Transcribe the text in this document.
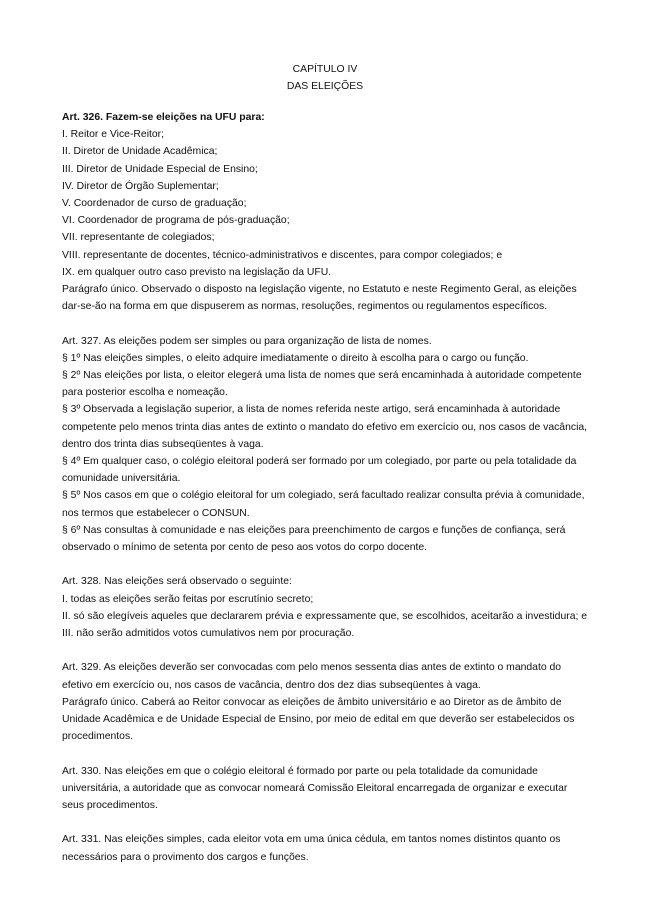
CAPÍTULO IV
DAS ELEIÇÕES

Art. 326. Fazem-se eleições na UFU para:

I. Reitor e Vice-Reitor;

II. Diretor de Unidade Acadêmica;

III. Diretor de Unidade Especial de Ensino;

IV. Diretor de Órgão Suplementar;

V. Coordenador de curso de graduação;

VI. Coordenador de programa de pós-graduação;

VII. representante de colegiados;

VIII. representante de docentes, técnico-administrativos e discentes, para compor colegiados; e

IX. em qualquer outro caso previsto na legislação da UFU.

Parágrafo único. Observado o disposto na legislação vigente, no Estatuto e neste Regimento Geral, as eleições dar-se-ão na forma em que dispuserem as normas, resoluções, regimentos ou regulamentos específicos.

Art. 327. As eleições podem ser simples ou para organização de lista de nomes.

§ 1º Nas eleições simples, o eleito adquire imediatamente o direito à escolha para o cargo ou função.

§ 2º Nas eleições por lista, o eleitor elegerá uma lista de nomes que será encaminhada à autoridade competente para posterior escolha e nomeação.

§ 3º Observada a legislação superior, a lista de nomes referida neste artigo, será encaminhada à autoridade competente pelo menos trinta dias antes de extinto o mandato do efetivo em exercício ou, nos casos de vacância, dentro dos trinta dias subseqüentes à vaga.

§ 4º Em qualquer caso, o colégio eleitoral poderá ser formado por um colegiado, por parte ou pela totalidade da comunidade universitária.

§ 5º Nos casos em que o colégio eleitoral for um colegiado, será facultado realizar consulta prévia à comunidade, nos termos que estabelecer o CONSUN.

§ 6º Nas consultas à comunidade e nas eleições para preenchimento de cargos e funções de confiança, será observado o mínimo de setenta por cento de peso aos votos do corpo docente.

Art. 328. Nas eleições será observado o seguinte:

I. todas as eleições serão feitas por escrutínio secreto;

II. só são elegíveis aqueles que declararem prévia e expressamente que, se escolhidos, aceitarão a investidura; e

III. não serão admitidos votos cumulativos nem por procuração.

Art. 329. As eleições deverão ser convocadas com pelo menos sessenta dias antes de extinto o mandato do efetivo em exercício ou, nos casos de vacância, dentro dos dez dias subseqüentes à vaga.

Parágrafo único. Caberá ao Reitor convocar as eleições de âmbito universitário e ao Diretor as de âmbito de Unidade Acadêmica e de Unidade Especial de Ensino, por meio de edital em que deverão ser estabelecidos os procedimentos.

Art. 330. Nas eleições em que o colégio eleitoral é formado por parte ou pela totalidade da comunidade universitária, a autoridade que as convocar nomeará Comissão Eleitoral encarregada de organizar e executar seus procedimentos.

Art. 331. Nas eleições simples, cada eleitor vota em uma única cédula, em tantos nomes distintos quanto os necessários para o provimento dos cargos e funções.
